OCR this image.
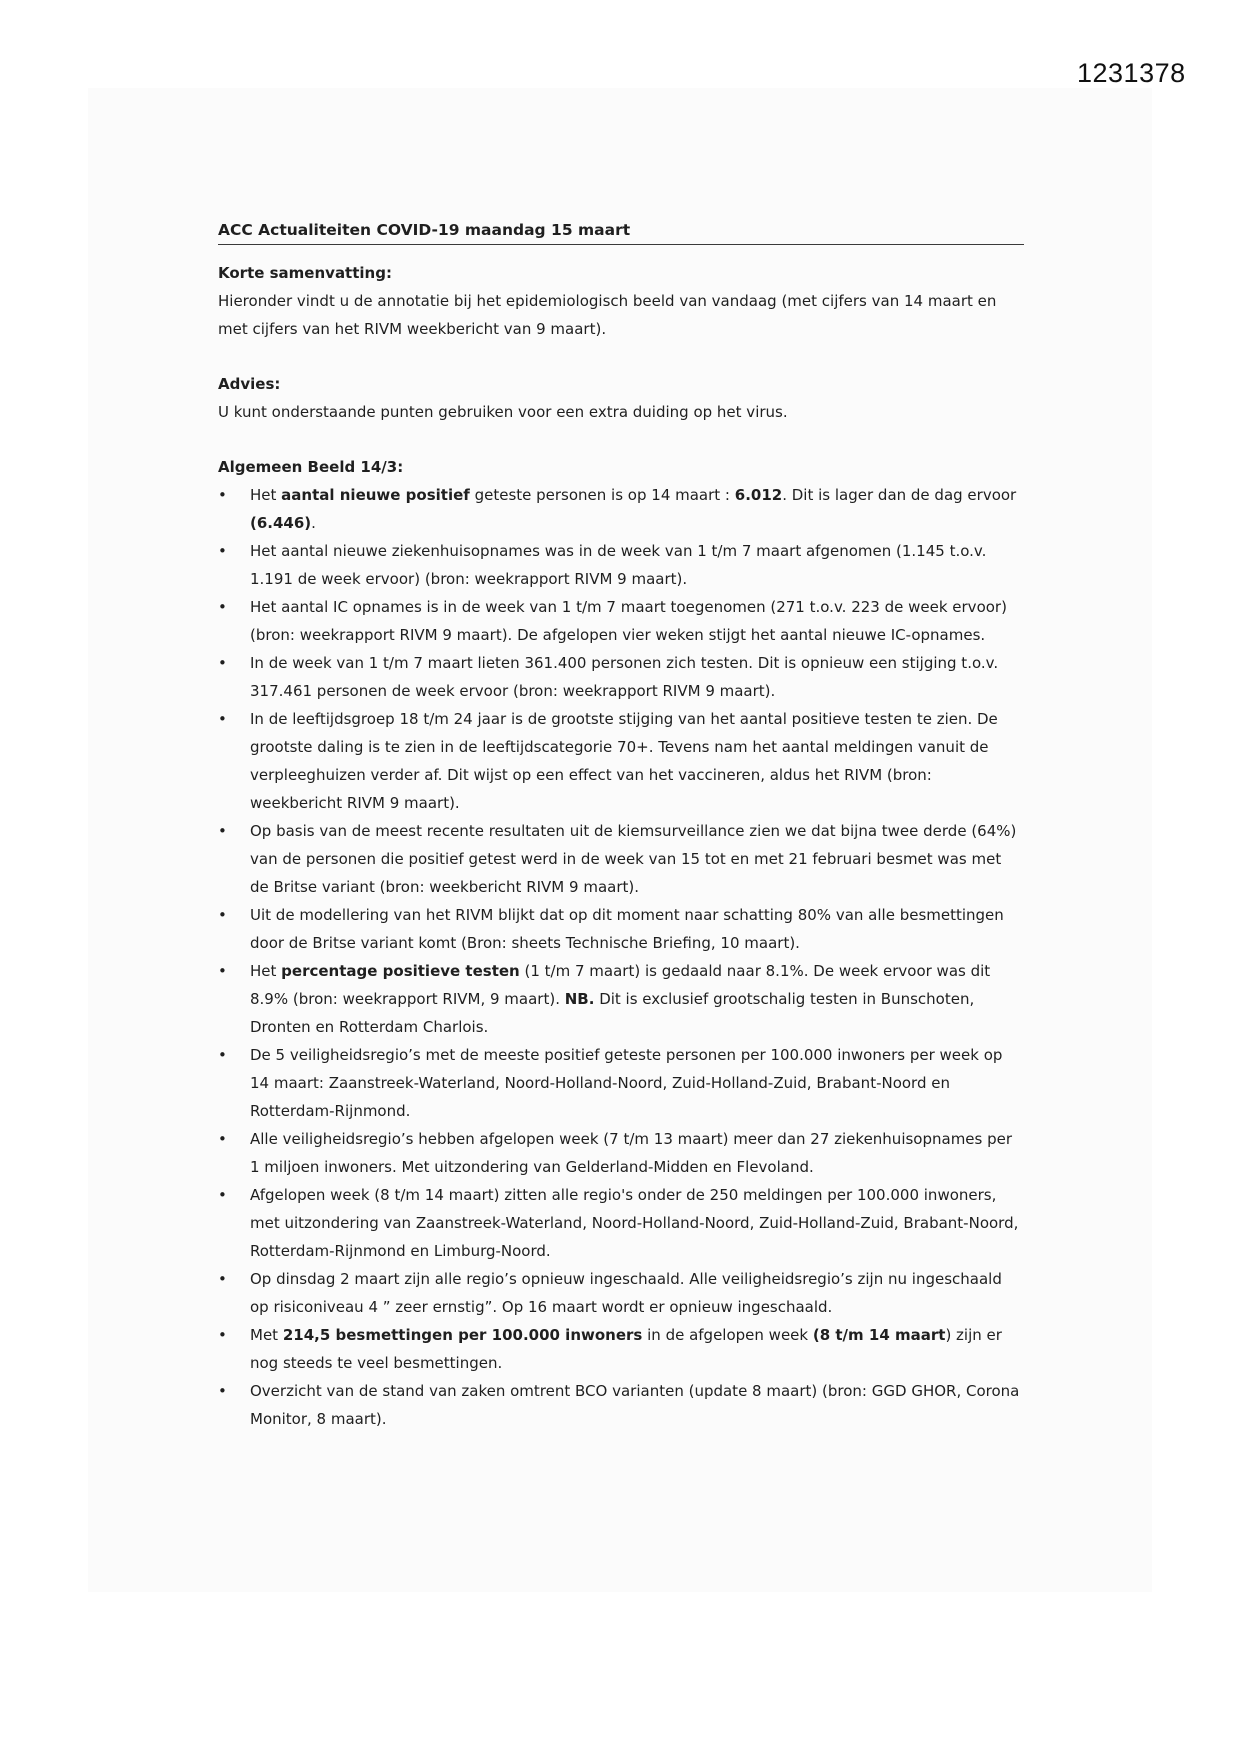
1231378
ACC Actualiteiten COVID-19 maandag 15 maart

Korte samenvatting:

Hieronder vindt u de annotatie bij het epidemiologisch beeld van vandaag (met cijfers van 14 maart en met cijfers van het RIVM weekbericht van 9 maart).

Advies:

U kunt onderstaande punten gebruiken voor een extra duiding op het virus.

Algemeen Beeld 14/3:

•	Het aantal nieuwe positief geteste personen is op 14 maart : 6.012. Dit is lager dan de dag ervoor (6.446).
•	Het aantal nieuwe ziekenhuisopnames was in de week van 1 t/m 7 maart afgenomen (1.145 t.o.v. 1.191 de week ervoor) (bron: weekrapport RIVM 9 maart).
•	Het aantal IC opnames is in de week van 1 t/m 7 maart toegenomen (271 t.o.v. 223 de week ervoor) (bron: weekrapport RIVM 9 maart). De afgelopen vier weken stijgt het aantal nieuwe IC-opnames.
•	In de week van 1 t/m 7 maart lieten 361.400 personen zich testen. Dit is opnieuw een stijging t.o.v. 317.461 personen de week ervoor (bron: weekrapport RIVM 9 maart).
•	In de leeftijdsgroep 18 t/m 24 jaar is de grootste stijging van het aantal positieve testen te zien. De grootste daling is te zien in de leeftijdscategorie 70+. Tevens nam het aantal meldingen vanuit de verpleeghuizen verder af. Dit wijst op een effect van het vaccineren, aldus het RIVM (bron: weekbericht RIVM 9 maart).
•	Op basis van de meest recente resultaten uit de kiemsurveillance zien we dat bijna twee derde (64%) van de personen die positief getest werd in de week van 15 tot en met 21 februari besmet was met de Britse variant (bron: weekbericht RIVM 9 maart).
•	Uit de modellering van het RIVM blijkt dat op dit moment naar schatting 80% van alle besmettingen door de Britse variant komt (Bron: sheets Technische Briefing, 10 maart).
•	Het percentage positieve testen (1 t/m 7 maart) is gedaald naar 8.1%. De week ervoor was dit 8.9% (bron: weekrapport RIVM, 9 maart). NB. Dit is exclusief grootschalig testen in Bunschoten, Dronten en Rotterdam Charlois.
•	De 5 veiligheidsregio’s met de meeste positief geteste personen per 100.000 inwoners per week op 14 maart: Zaanstreek-Waterland, Noord-Holland-Noord, Zuid-Holland-Zuid, Brabant-Noord en Rotterdam-Rijnmond.
•	Alle veiligheidsregio’s hebben afgelopen week (7 t/m 13 maart) meer dan 27 ziekenhuisopnames per 1 miljoen inwoners. Met uitzondering van Gelderland-Midden en Flevoland.
•	Afgelopen week (8 t/m 14 maart) zitten alle regio's onder de 250 meldingen per 100.000 inwoners, met uitzondering van Zaanstreek-Waterland, Noord-Holland-Noord, Zuid-Holland-Zuid, Brabant-Noord, Rotterdam-Rijnmond en Limburg-Noord.
•	Op dinsdag 2 maart zijn alle regio’s opnieuw ingeschaald. Alle veiligheidsregio’s zijn nu ingeschaald op risiconiveau 4 ” zeer ernstig”. Op 16 maart wordt er opnieuw ingeschaald.
•	Met 214,5 besmettingen per 100.000 inwoners in de afgelopen week (8 t/m 14 maart) zijn er nog steeds te veel besmettingen.
•	Overzicht van de stand van zaken omtrent BCO varianten (update 8 maart) (bron: GGD GHOR, Corona Monitor, 8 maart).
